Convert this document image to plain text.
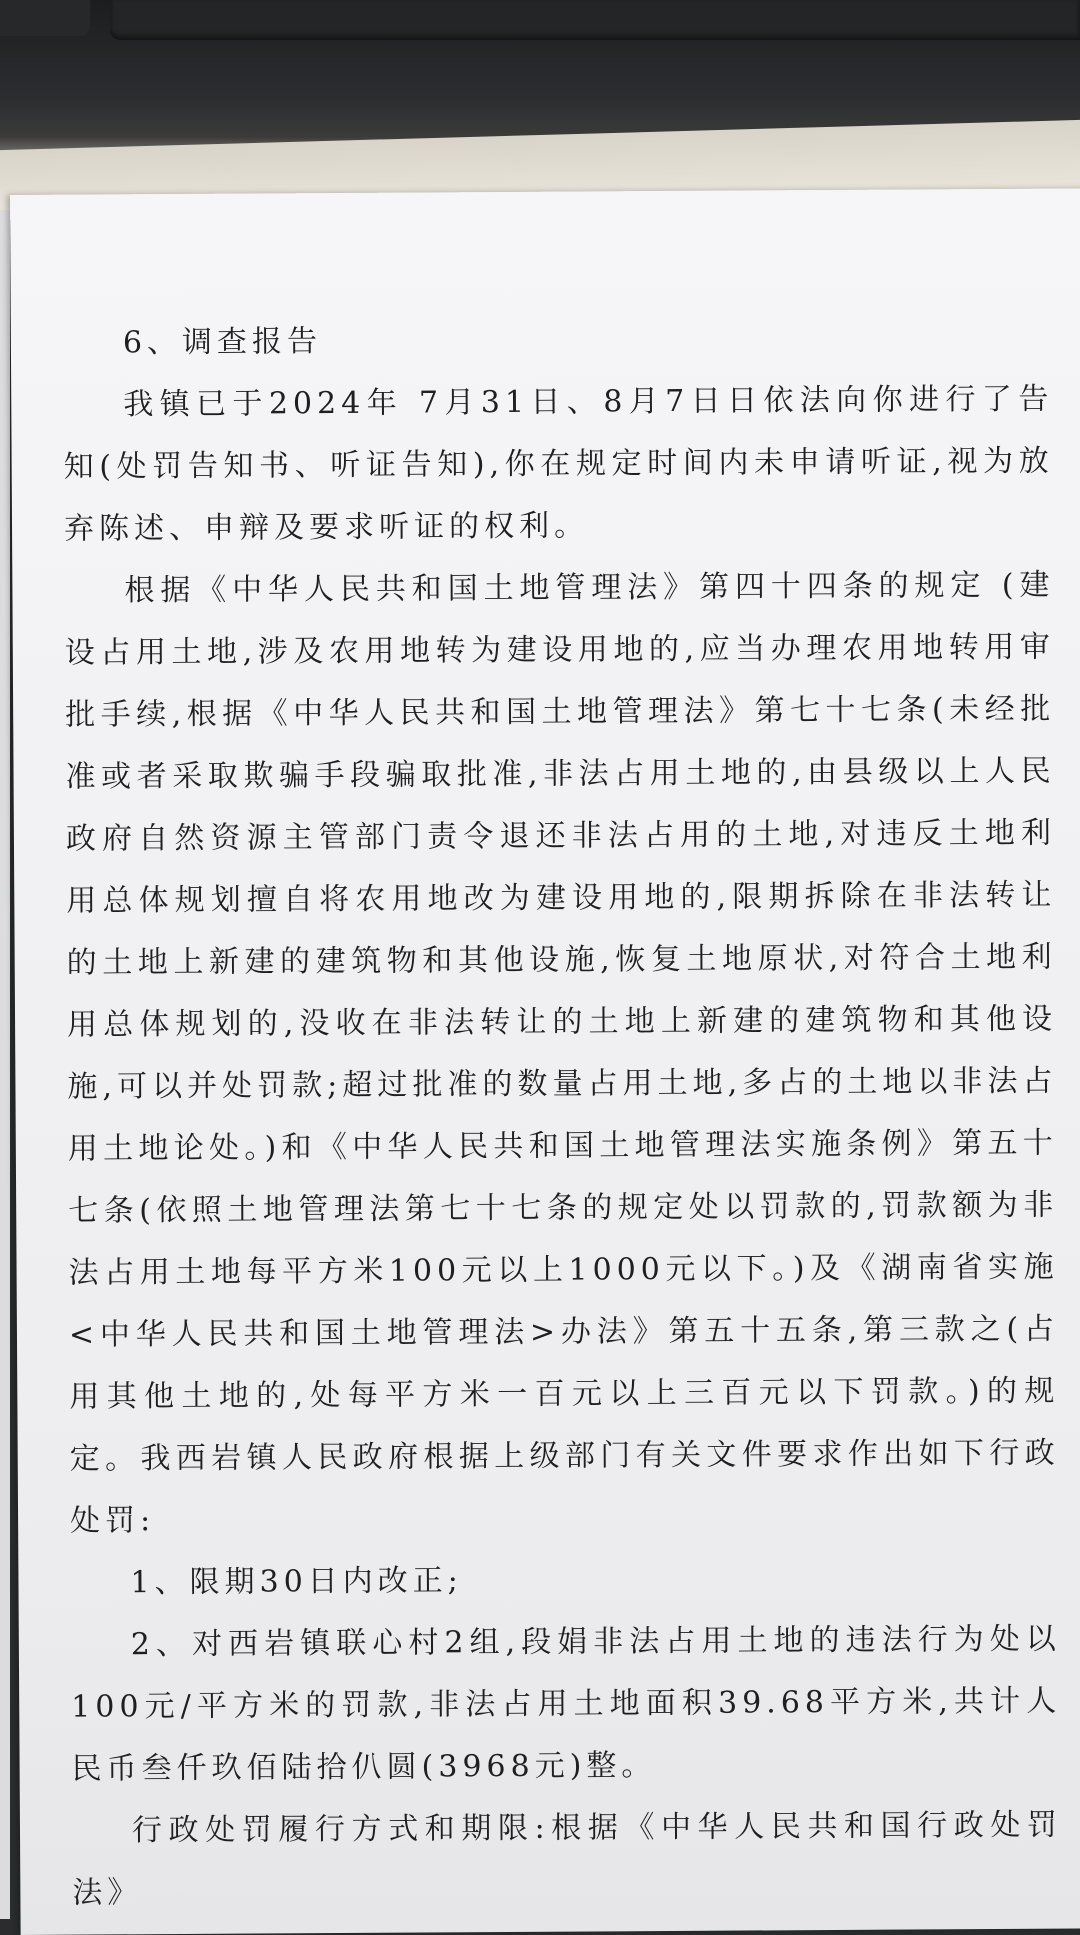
6、调查报告

我镇已于2024年 7月31日、8月7日日依法向你进行了告知(处罚告知书、听证告知),你在规定时间内未申请听证,视为放弃陈述、申辩及要求听证的权利。

根据《中华人民共和国土地管理法》第四十四条的规定 (建设占用土地,涉及农用地转为建设用地的,应当办理农用地转用审批手续,根据《中华人民共和国土地管理法》第七十七条(未经批准或者采取欺骗手段骗取批准,非法占用土地的,由县级以上人民政府自然资源主管部门责令退还非法占用的土地,对违反土地利用总体规划擅自将农用地改为建设用地的,限期拆除在非法转让的土地上新建的建筑物和其他设施,恢复土地原状,对符合土地利用总体规划的,没收在非法转让的土地上新建的建筑物和其他设施,可以并处罚款;超过批准的数量占用土地,多占的土地以非法占用土地论处。)和《中华人民共和国土地管理法实施条例》第五十七条(依照土地管理法第七十七条的规定处以罚款的,罚款额为非法占用土地每平方米100元以上1000元以下。)及《湖南省实施<中华人民共和国土地管理法>办法》第五十五条,第三款之(占用其他土地的,处每平方米一百元以上三百元以下罚款。)的规定。我西岩镇人民政府根据上级部门有关文件要求作出如下行政处罚:

1、限期30日内改正;

2、对西岩镇联心村2组,段娟非法占用土地的违法行为处以100元/平方米的罚款,非法占用土地面积39.68平方米,共计人民币叁仟玖佰陆拾仈圆(3968元)整。

行政处罚履行方式和期限:根据《中华人民共和国行政处罚法》
